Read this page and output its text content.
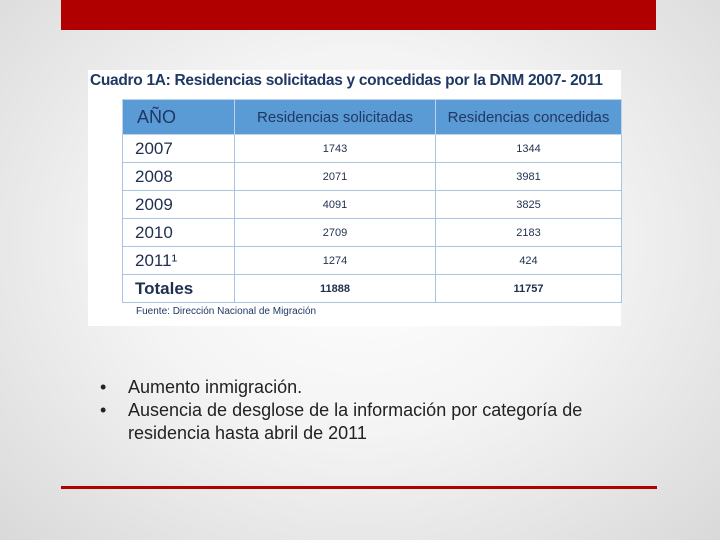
Cuadro 1A: Residencias solicitadas y concedidas por la DNM 2007- 2011

AÑO	Residencias solicitadas	Residencias concedidas
2007	1743	1344
2008	2071	3981
2009	4091	3825
2010	2709	2183
2011¹	1274	424
Totales	11888	11757

Fuente: Dirección Nacional de Migración

• Aumento inmigración.
• Ausencia de desglose de la información por categoría de residencia hasta abril de 2011
